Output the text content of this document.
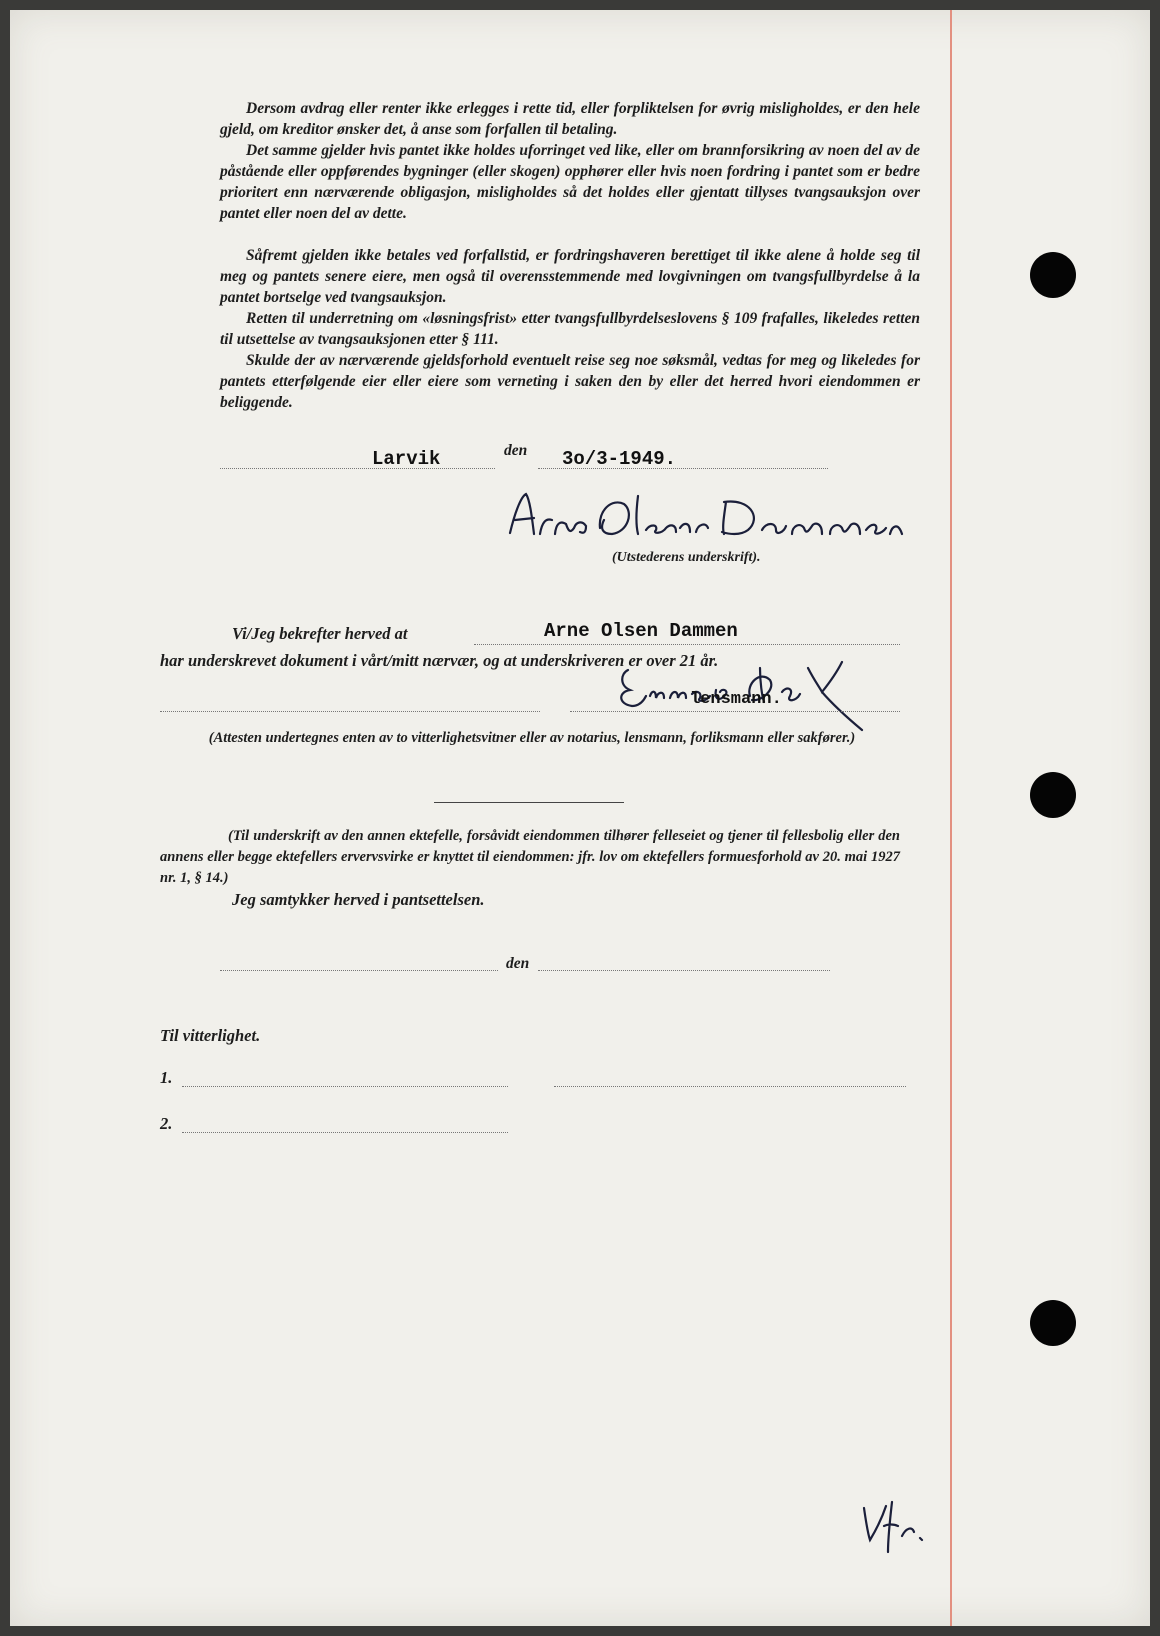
Dersom avdrag eller renter ikke erlegges i rette tid, eller forpliktelsen for øvrig misligholdes, er den hele gjeld, om kreditor ønsker det, å anse som forfallen til betaling.

Det samme gjelder hvis pantet ikke holdes uforringet ved like, eller om brannforsikring av noen del av de påstående eller oppførendes bygninger (eller skogen) opphører eller hvis noen fordring i pantet som er bedre prioritert enn nærværende obligasjon, misligholdes så det holdes eller gjentatt tillyses tvangsauksjon over pantet eller noen del av dette.

Såfremt gjelden ikke betales ved forfallstid, er fordringshaveren berettiget til ikke alene å holde seg til meg og pantets senere eiere, men også til overensstemmende med lovgivningen om tvangsfullbyrdelse å la pantet bortselge ved tvangsauksjon.

Retten til underretning om «løsningsfrist» etter tvangsfullbyrdelseslovens § 109 frafalles, likeledes retten til utsettelse av tvangsauksjonen etter § 111.

Skulde der av nærværende gjeldsforhold eventuelt reise seg noe søksmål, vedtas for meg og likeledes for pantets etterfølgende eier eller eiere som verneting i saken den by eller det herred hvori eiendommen er beliggende.

Larvik	den 3o/3-1949.
(Utstederens underskrift).
Vi/Jeg bekrefter herved at	Arne Olsen Dammen
har underskrevet dokument i vårt/mitt nærvær, og at underskriveren er over 21 år.
lensmann.

(Attesten undertegnes enten av to vitterlighetsvitner eller av notarius, lensmann, forliksmann eller sakfører.)

(Til underskrift av den annen ektefelle, forsåvidt eiendommen tilhører felleseiet og tjener til fellesbolig eller den annens eller begge ektefellers ervervsvirke er knyttet til eiendommen: jfr. lov om ektefellers formuesforhold av 20. mai 1927 nr. 1, § 14.)

Jeg samtykker herved i pantsettelsen.
den
Til vitterlighet.
1.
2.
